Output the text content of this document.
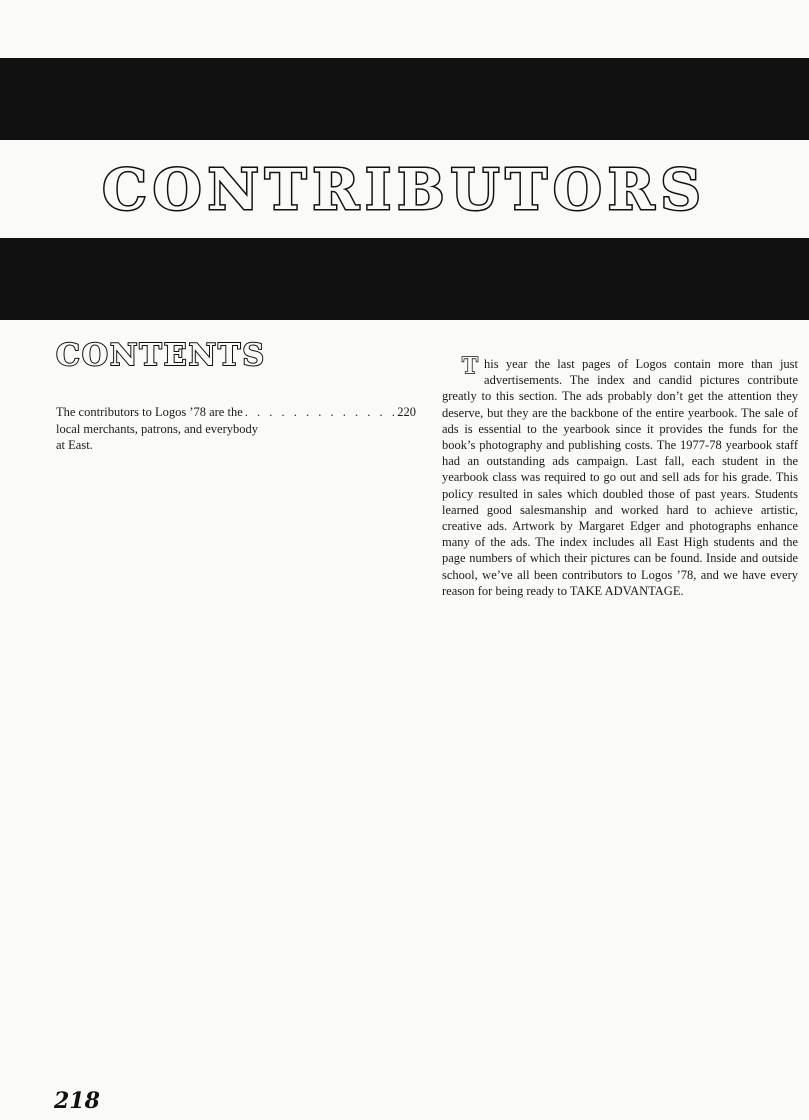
CONTRIBUTORS
CONTENTS
The contributors to Logos ’78 are the
. . .	220
local merchants, patrons, and everybody
at East.
This year the last pages of Logos contain more than just advertisements. The index and candid pictures contribute greatly to this section. The ads probably don’t get the attention they deserve, but they are the backbone of the entire yearbook. The sale of ads is essential to the yearbook since it provides the funds for the book’s photography and publishing costs. The 1977-78 yearbook staff had an outstanding ads campaign. Last fall, each student in the yearbook class was required to go out and sell ads for his grade. This policy resulted in sales which doubled those of past years. Students learned good salesmanship and worked hard to achieve artistic, creative ads. Artwork by Margaret Edger and photographs enhance many of the ads. The index includes all East High students and the page numbers of which their pictures can be found. Inside and outside school, we’ve all been contributors to Logos ’78, and we have every reason for being ready to TAKE ADVANTAGE.
218
